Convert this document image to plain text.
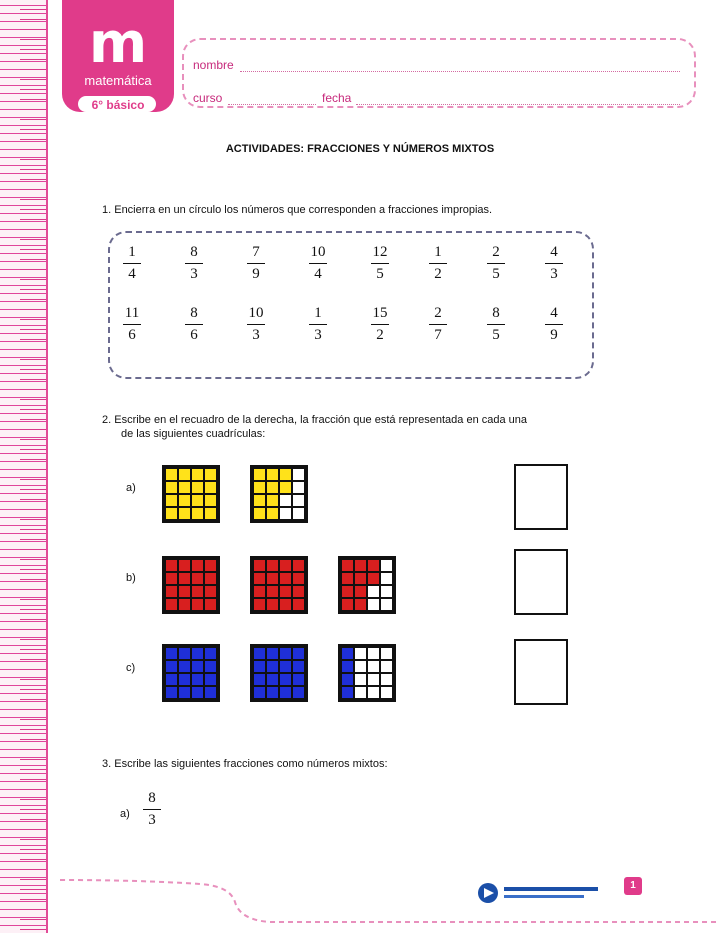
m
matemática
6° básico
nombre
curso	fecha
ACTIVIDADES: FRACCIONES Y NÚMEROS MIXTOS
1. Encierra en un círculo los números que corresponden a fracciones impropias.
1
4
8
3
7
9
10
4
12
5
1
2
2
5
4
3
11
6
8
6
10
3
1
3
15
2
2
7
8
5
4
9
2. Escribe en el recuadro de la derecha, la fracción que está representada en cada una
de las siguientes cuadrículas:
a)
b)
c)
3. Escribe las siguientes fracciones como números mixtos:
a)
8
3
1
